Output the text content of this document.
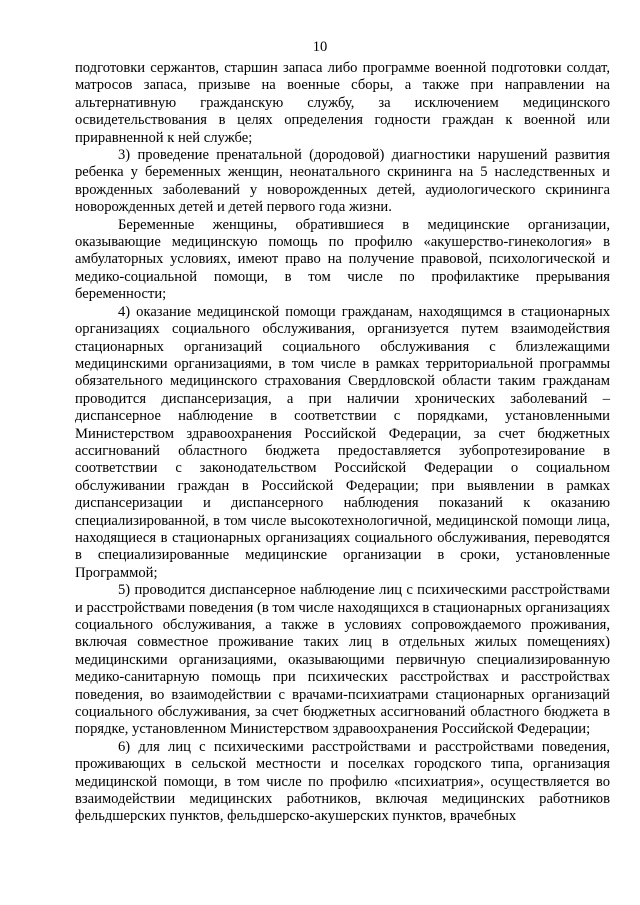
10

подготовки сержантов, старшин запаса либо программе военной подготовки солдат, матросов запаса, призыве на военные сборы, а также при направлении на альтернативную гражданскую службу, за исключением медицинского освидетельствования в целях определения годности граждан к военной или приравненной к ней службе;

3) проведение пренатальной (дородовой) диагностики нарушений развития ребенка у беременных женщин, неонатального скрининга на 5 наследственных и врожденных заболеваний у новорожденных детей, аудиологического скрининга новорожденных детей и детей первого года жизни.

Беременные женщины, обратившиеся в медицинские организации, оказывающие медицинскую помощь по профилю «акушерство-гинекология» в амбулаторных условиях, имеют право на получение правовой, психологической и медико-социальной помощи, в том числе по профилактике прерывания беременности;

4) оказание медицинской помощи гражданам, находящимся в стационарных организациях социального обслуживания, организуется путем взаимодействия стационарных организаций социального обслуживания с близлежащими медицинскими организациями, в том числе в рамках территориальной программы обязательного медицинского страхования Свердловской области таким гражданам проводится диспансеризация, а при наличии хронических заболеваний – диспансерное наблюдение в соответствии с порядками, установленными Министерством здравоохранения Российской Федерации, за счет бюджетных ассигнований областного бюджета предоставляется зубопротезирование в соответствии с законодательством Российской Федерации о социальном обслуживании граждан в Российской Федерации; при выявлении в рамках диспансеризации и диспансерного наблюдения показаний к оказанию специализированной, в том числе высокотехнологичной, медицинской помощи лица, находящиеся в стационарных организациях социального обслуживания, переводятся в специализированные медицинские организации в сроки, установленные Программой;

5) проводится диспансерное наблюдение лиц с психическими расстройствами и расстройствами поведения (в том числе находящихся в стационарных организациях социального обслуживания, а также в условиях сопровождаемого проживания, включая совместное проживание таких лиц в отдельных жилых помещениях) медицинскими организациями, оказывающими первичную специализированную медико-санитарную помощь при психических расстройствах и расстройствах поведения, во взаимодействии с врачами-психиатрами стационарных организаций социального обслуживания, за счет бюджетных ассигнований областного бюджета в порядке, установленном Министерством здравоохранения Российской Федерации;

6) для лиц с психическими расстройствами и расстройствами поведения, проживающих в сельской местности и поселках городского типа, организация медицинской помощи, в том числе по профилю «психиатрия», осуществляется во взаимодействии медицинских работников, включая медицинских работников фельдшерских пунктов, фельдшерско-акушерских пунктов, врачебных
